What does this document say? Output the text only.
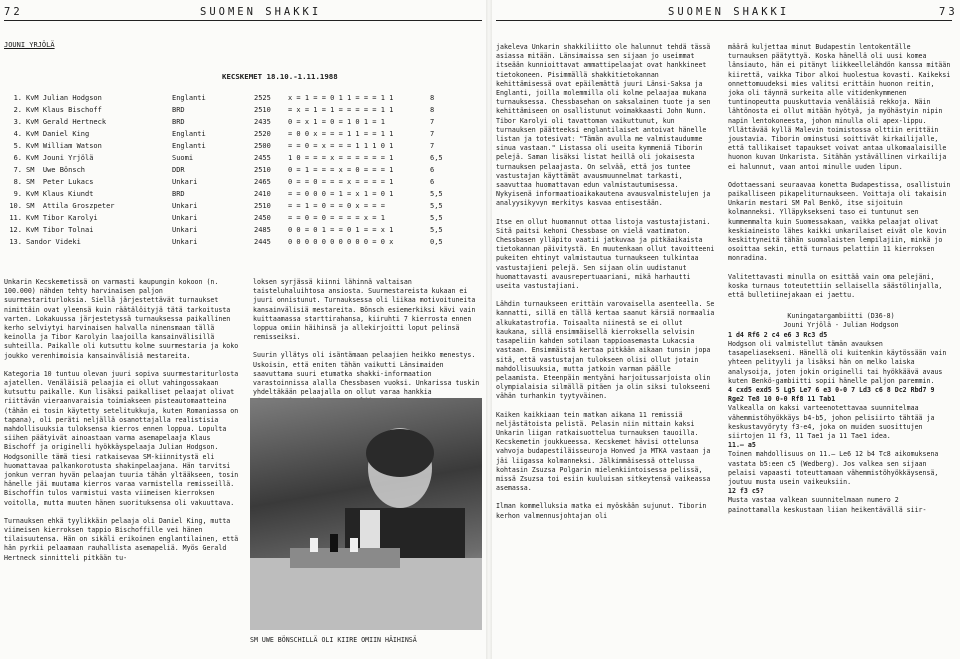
72	SUOMEN SHAKKI
JOUNI YRJÖLÄ
KECSKEMET 18.10.-1.11.1988
1. KvM Julian Hodgson	Englanti	2525 x = 1 = = 0 1 1 = = = 1 1	8
2. KvM Klaus Bischoff	BRD	2510 = x = 1 = 1 = = = = = 1 1	8
3. KvM Gerald Hertneck	BRD	2435 0 = x 1 = 0 = 1 0 1 = 1	7
4. KvM Daniel King	Englanti	2520 = 0 0 x = = = 1 1 = = 1 1	7
5. KvM William Watson	Englanti	2500 = = 0 = x = = = 1 1 1 0 1	7
6. KvM Jouni Yrjölä	Suomi	2455 1 0 = = = x = = = = = = 1	6,5
7. SM  Uwe Bönsch	DDR	2510 0 = 1 = = = x = 0 = = = 1	6
8. SM  Peter Lukacs	Unkari	2465 0 = = 0 = = = x = = = = 1	6
9. KvM Klaus Kiundt	BRD	2410 = = 0 0 0 = 1 = x 1 = 0 1	5,5
10. SM  Attila Groszpeter	Unkari	2510 = = 1 = 0 = = 0 x = = =	5,5
11. KvM Tibor Karolyi	Unkari	2450 = = 0 = 0 = = = = x = 1	5,5
12. KvM Tibor Tolnai	Unkari	2485 0 0 = 0 1 = = 0 1 = = x 1	5,5
13. Sandor Videki	Unkari	2445 0 0 0 0 0 0 0 0 0 0 = 0 x	0,5

Unkarin Kecskemetissä on varmasti kaupungin kokoon (n. 100.000) nähden tehty harvinaisen paljon suurmestariturloksia. Siellä järjestettävät turnaukset nimittäin ovat yleensä kuin räätälöityjä tätä tarkoitusta varten. Lokakuussa järjestetyssä turnauksessa paikallinen kerho selviytyi harvinaisen halvalla ninensmaan tällä keinolla ja Tibor Karolyin laajoilla kansainvälisillä suhteilla. Paikalle oli kutsuttu kolme suurmestaria ja koko joukko verenhimoisia kansainvälisiä mestareita.

Kategoria 10 tuntuu olevan juuri sopiva suurmestariturlosta ajatellen. Venäläisiä pelaajia ei ollut vahingossakaan kutsuttu paikalle. Kun lisäksi paikalliset pelaajat olivat riittävän vieraanvaraisia toimiakseen pisteautomaatteina (tähän ei tosin käytetty setelitukkuja, kuten Romaniassa on tapana), oli peräti neljällä osanottajalla realistisia mahdollisuuksia tuloksensa kierros ennen loppua. Lopulta siihen päätyivät ainoastaan varma asemapelaaja Klaus Bischoff ja originelli hyökkäyspelaaja Julian Hodgson. Hodgsonille tämä tiesi ratkaisevaa SM-kiinnitystä eli huomattavaa palkankorotusta shakinpelaajana. Hän tarvitsi jonkun verran hyvän pelaajan tuuria tähän yltääkseen, tosin hänelle jäi muutama kierros varaa varmistella remisseillä. Bischoffin tulos varmistui vasta viimeisen kierroksen voitolla, mutta muuten hänen suorituksensa oli vakuuttava.

Turnauksen ehkä tyylikkäin pelaaja oli Daniel King, mutta viimeisen kierroksen tappio Bischoffille vei hänen tilaisuutensa. Hän on sikäli erikoinen englantilainen, että hän pyrkii pelaamaan rauhallista asemapeliä. Myös Gerald Hertneck sinnitteli pitkään tu-

loksen syrjässä kiinni lähinnä valtaisan taisteluhaluihtosa ansiosta. Suurmestareista kukaan ei juuri onnistunut. Turnauksessa oli liikaa motivoituneita kansainvälisiä mestareita. Bönsch esiemerkiksi kävi vain kuittaamassa starttirahansa, kiiruhti 7 kierrosta ennen loppua omiin häihinsä ja allekirjoitti loput pelinsä remisseiksi.

Suurin yllätys oli isäntämaan pelaajien heikko menestys. Uskoisin, että eniten tähän vaikutti Länsimaiden saavuttama suuri etumatka shakki-informaation varastoinnissa alalla Chessbasen vuoksi. Unkarissa tuskin yhdeltäkään pelaajalla on ollut varaa hankkia

SM UWE BÖNSCHILLÄ OLI KIIRE OMIIN HÄIHINSÄ
SUOMEN SHAKKI	73

jakeleva Unkarin shakkiliitto ole halunnut tehdä tässä asiassa mitään. Länsimaissa sen sijaan jo useimmat itseään kunnioittavat ammattipelaajat ovat hankkineet tietokoneen. Pisimmällä shakkitietokannan kehittämisessä ovat epäilemättä juuri Länsi-Saksa ja Englanti, joilla molemmilla oli kolme pelaajaa mukana turnauksessa. Chessbasehan on saksalainen tuote ja sen kehittämiseen on osallistunut voimakkaasti John Nunn. Tibor Karolyi oli tavattoman vaikuttunut, kun turnauksen päätteeksi englantilaiset antoivat hänelle listan ja totesivat: "Tämän avulla me valmistaudumme sinua vastaan." Listassa oli useita kymmeniä Tiborin pelejä. Saman lisäksi listat heillä oli jokaisesta turnauksen pelaajasta. On selvää, että jos tuntee vastustajan käyttämät avausmuunnelmat tarkasti, saavuttaa huomattavan edun valmistautumisessa. Nykyisenä informaatioaikakautena avausvalmistelujen ja analyysikyvyn merkitys kasvaa entisestään.

Itse en ollut huomannut ottaa listoja vastustajistani. Sitä paitsi kehoni Chessbase on vielä vaatimaton. Chessbasen ylläpito vaatii jatkuvaa ja pitkäaikaista tietokannan päivitystä. En muutenkaan ollut tavoitteeni pukeiten ehtinyt valmistautua turnaukseen tulkintaa vastustajieni pelejä. Sen sijaan olin uudistanut huomattavasti avausrepertuaariani, mikä harhautti useita vastustajiani.

Lähdin turnaukseen erittäin varovaisella asenteella. Se kannatti, sillä en tällä kertaa saanut kärsiä normaalia alkukatastrofia. Toisaalta niinestä se ei ollut kaukana, sillä ensimmäisellä kierroksella selvisin tasapeliin kahden sotilaan tappioasemasta Lukacsia vastaan. Ensimmäistä kertaa pitkään aikaan tunsin jopa sitä, että vastustajan tulokseen olisi ollut jotain mahdollisuuksia, mutta jatkoin varman päälle pelaamista. Eteenpäin mentyäni harjoitussarjoista olin olympialaisia silmällä pitäen ja olin siksi tulokseeni vähän turhankin tyytyväinen.

Kaiken kaikkiaan tein matkan aikana 11 remissiä neljästätoista pelistä. Pelasin niin mittain kaksi Unkarin liigan ratkaisuottelua turnauksen tauoilla. Kecskemetin joukkueessa. Kecskemet hävisi ottelunsa vahvoja budapestiläisseuroja Honved ja MTKA vastaan ja jäi liigassa kolmanneksi. Jälkimmäisessä ottelussa kohtasin Zsuzsa Polgarin mielenkiintoisessa pelissä, missä Zsuzsa toi esiin kuuluisan sitkeytensä vaikeassa asemassa.

Ilman kommelluksia matka ei myöskään sujunut. Tiborin kerhon valmennusjohtajan oli

määrä kuljettaa minut Budapestin lentokentälle turnauksen päätyttyä. Koska hänellä oli uusi komea länsiauto, hän ei pitänyt liikkeellelähdön kanssa mitään kiirettä, vaikka Tibor alkoi huolestua kovasti. Kaikeksi onnettomuudeksi mies valitsi erittäin huonon reitin, joka oli täynnä surkeita alle vitidenkymmenen tuntinopeutta puuskuttavia venäläisiä rekkoja. Näin lähtönosta ei ollut mitään hyötyä, ja myöhästyin nipin napin lentokoneesta, johon minulla oli apex-lippu. Yllättävää kyllä Malevin toimistossa olttiin erittäin joustavia. Tiborin ominstusi soittivät kirkailijalle, että tallikaiset tapaukset voivat antaa ulkomaalaisille huonon kuvan Unkarista. Sitähän ystävällinen virkailija ei halunnut, vaan antoi minulle uuden lipun.

Odottaessani seuraavaa konetta Budapestissa, osallistuin paikalliseen pikapeliturnaukseen. Voittaja oli takaisin Unkarin mestari SM Pal Benkö, itse sijoituin kolmanneksi. Ylläpyksekseni taso ei tuntunut sen kummemmalta kuin Suomessakaan, vaikka pelaajat olivat keskiaineisto lähes kaikki unkarilaiset eivät ole kovin keskittyneitä tähän suomalaisten lempilajiin, minkä jo osoittaa sekin, että turnaus pelattiin 11 kierroksen monradina.

Valitettavasti minulla on esittää vain oma pelejäni, koska turnaus toteutettiin sellaisella säästölinjalla, että bulletiinejakaan ei jaettu.

Kuningatargambiitti (D36-8)

Jouni Yrjölä - Julian Hodgson

1 d4 Rf6 2 c4 e6 3 Rc3 d5

Hodgson oli valmistellut tämän avauksen tasapeliasekseni. Hänellä oli kuitenkin käytössään vain yhteen pelityyli ja lisäksi hän on melko laiska analysoija, joten jokin originelli tai hyökkäävä avaus kuten Benkö-gambiitti sopii hänelle paljon paremmin.

4 cxd5 exd5 5 Lg5 Le7 6 e3 0-0 7 Ld3 c6 8 Dc2 Rbd7 9 Rge2 Te8 10 0-0 Rf8 11 Tab1

Valkealla on kaksi varteenotettavaa suunnitelmaa vähemmistöhyökkäys b4-b5, johon pelisiirto tähtää ja keskustavyöryty f3-e4, joka on muiden suosittujen siirtojen 11 f3, 11 Tae1 ja 11 Tae1 idea.

11.– a5

Toinen mahdollisuus on 11.– Le6 12 b4 Tc8 aikomuksena vastata b5:een c5 (Wedberg). Jos valkea sen sijaan pelaisi vapaasti toteuttamaan vähemmistöhyökkäysensä, joutuu musta usein vaikeuksiin.

12 f3 c5?

Musta vastaa valkean suunnitelmaan numero 2 painottamalla keskustaan liian heikentävällä siir-
